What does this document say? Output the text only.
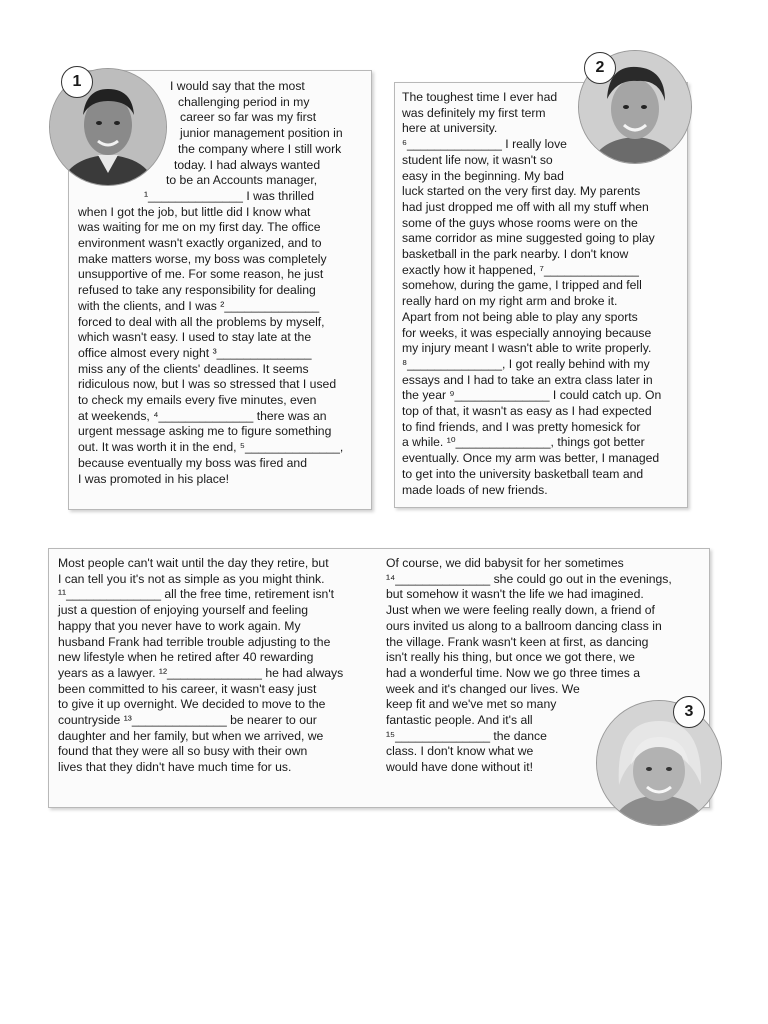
1	I would say that the most
challenging period in my
career so far was my first
junior management position in
the company where I still work
today. I had always wanted
to be an Accounts manager,
¹______________ I was thrilled
when I got the job, but little did I know what
was waiting for me on my first day. The office
environment wasn't exactly organized, and to
make matters worse, my boss was completely
unsupportive of me. For some reason, he just
refused to take any responsibility for dealing
with the clients, and I was ²______________
forced to deal with all the problems by myself,
which wasn't easy. I used to stay late at the
office almost every night ³______________
miss any of the clients' deadlines. It seems
ridiculous now, but I was so stressed that I used
to check my emails every five minutes, even
at weekends, ⁴______________ there was an
urgent message asking me to figure something
out. It was worth it in the end, ⁵______________,
because eventually my boss was fired and
I was promoted in his place!
2
The toughest time I ever had
was definitely my first term
here at university.
⁶______________ I really love
student life now, it wasn't so
easy in the beginning. My bad
luck started on the very first day. My parents
had just dropped me off with all my stuff when
some of the guys whose rooms were on the
same corridor as mine suggested going to play
basketball in the park nearby. I don't know
exactly how it happened, ⁷______________
somehow, during the game, I tripped and fell
really hard on my right arm and broke it.
Apart from not being able to play any sports
for weeks, it was especially annoying because
my injury meant I wasn't able to write properly.
⁸______________, I got really behind with my
essays and I had to take an extra class later in
the year ⁹______________ I could catch up. On
top of that, it wasn't as easy as I had expected
to find friends, and I was pretty homesick for
a while. ¹⁰______________, things got better
eventually. Once my arm was better, I managed
to get into the university basketball team and
made loads of new friends.
3
Most people can't wait until the day they retire, but
I can tell you it's not as simple as you might think.
¹¹______________ all the free time, retirement isn't
just a question of enjoying yourself and feeling
happy that you never have to work again. My
husband Frank had terrible trouble adjusting to the
new lifestyle when he retired after 40 rewarding
years as a lawyer. ¹²______________ he had always
been committed to his career, it wasn't easy just
to give it up overnight. We decided to move to the
countryside ¹³______________ be nearer to our
daughter and her family, but when we arrived, we
found that they were all so busy with their own
lives that they didn't have much time for us.
Of course, we did babysit for her sometimes
¹⁴______________ she could go out in the evenings,
but somehow it wasn't the life we had imagined.
Just when we were feeling really down, a friend of
ours invited us along to a ballroom dancing class in
the village. Frank wasn't keen at first, as dancing
isn't really his thing, but once we got there, we
had a wonderful time. Now we go three times a
week and it's changed our lives. We
keep fit and we've met so many
fantastic people. And it's all
¹⁵______________ the dance
class. I don't know what we
would have done without it!
